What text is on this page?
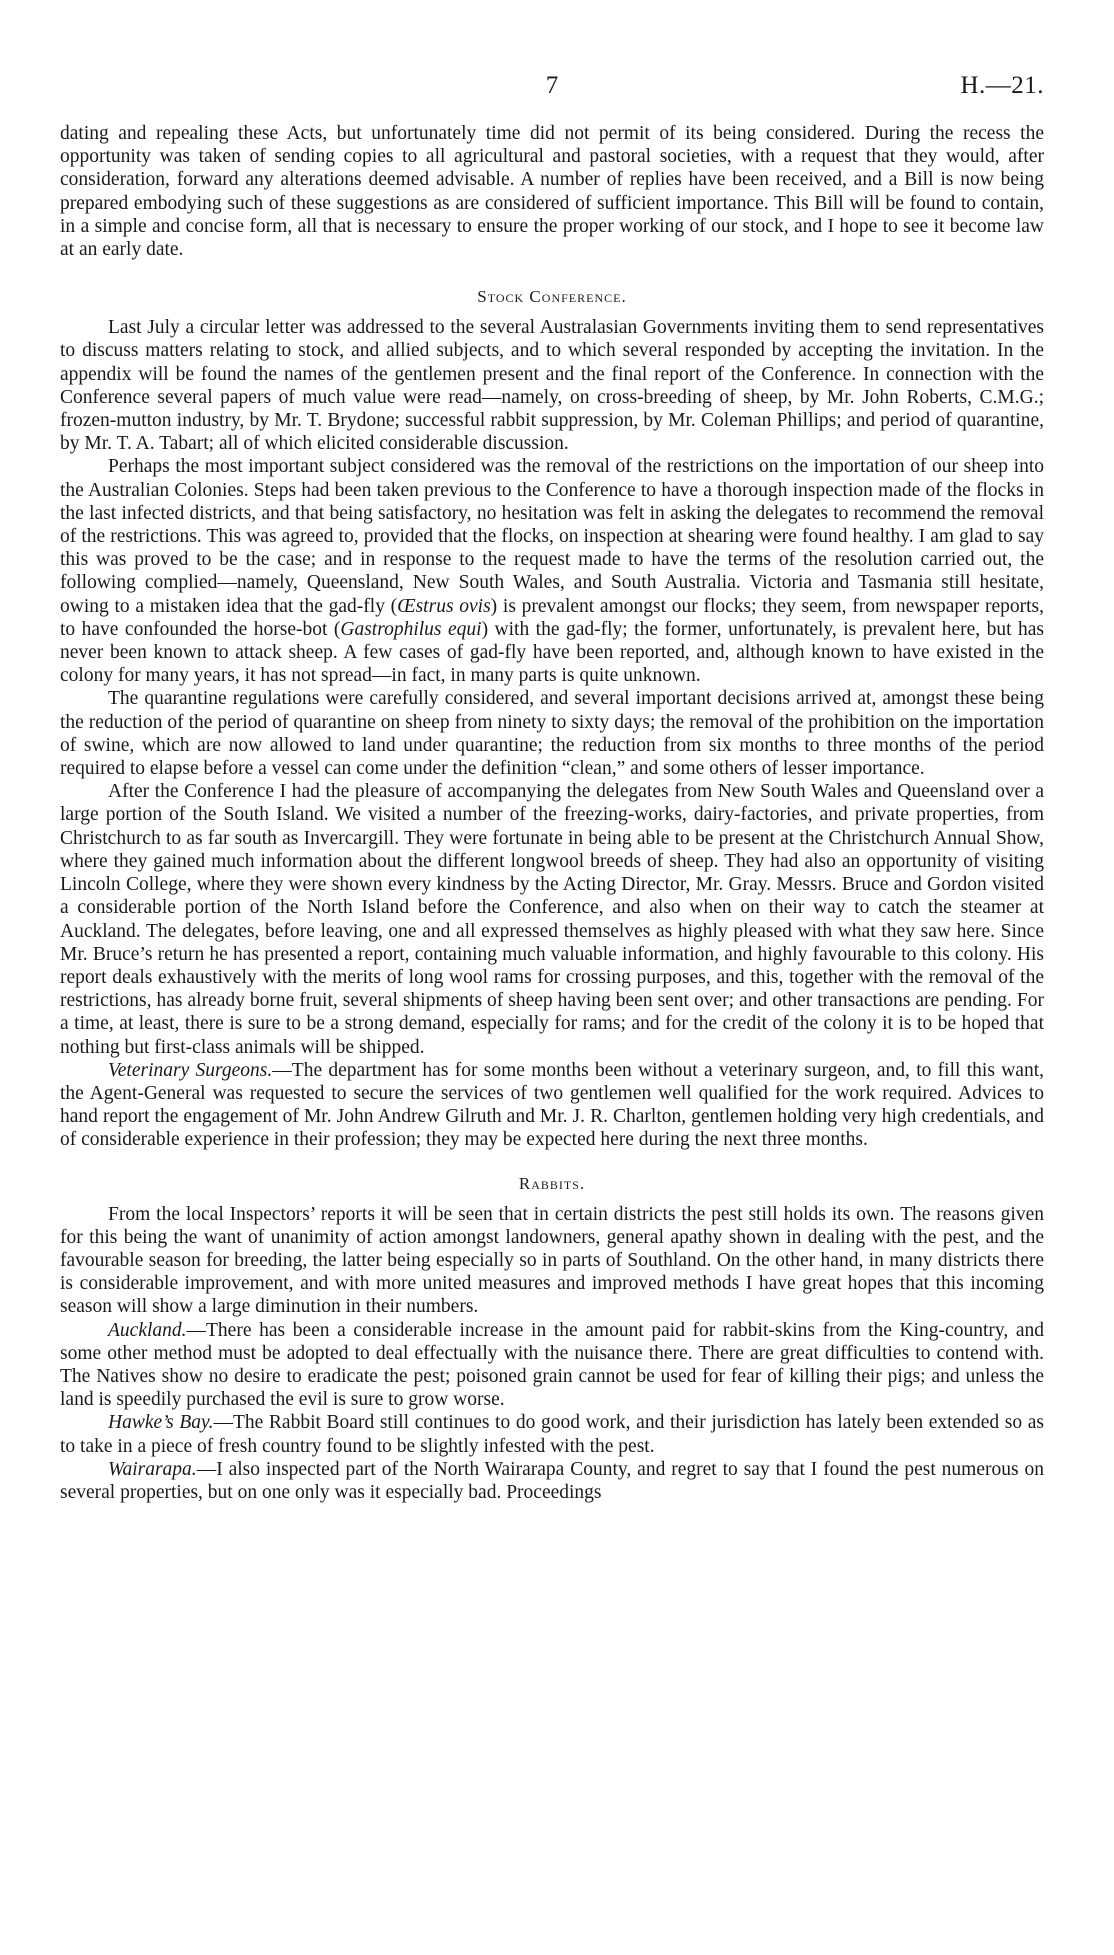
7	H.—21.

dating and repealing these Acts, but unfortunately time did not permit of its being considered. During the recess the opportunity was taken of sending copies to all agricultural and pastoral societies, with a request that they would, after consideration, forward any alterations deemed advisable. A number of replies have been received, and a Bill is now being prepared embodying such of these suggestions as are considered of sufficient importance. This Bill will be found to contain, in a simple and concise form, all that is necessary to ensure the proper working of our stock, and I hope to see it become law at an early date.

Stock Conference.

Last July a circular letter was addressed to the several Australasian Governments inviting them to send representatives to discuss matters relating to stock, and allied subjects, and to which several responded by accepting the invitation. In the appendix will be found the names of the gentlemen present and the final report of the Conference. In connection with the Conference several papers of much value were read—namely, on cross-breeding of sheep, by Mr. John Roberts, C.M.G.; frozen-mutton industry, by Mr. T. Brydone; successful rabbit suppression, by Mr. Coleman Phillips; and period of quarantine, by Mr. T. A. Tabart; all of which elicited considerable discussion.

Perhaps the most important subject considered was the removal of the restrictions on the importation of our sheep into the Australian Colonies. Steps had been taken previous to the Conference to have a thorough inspection made of the flocks in the last infected districts, and that being satisfactory, no hesitation was felt in asking the delegates to recommend the removal of the restrictions. This was agreed to, provided that the flocks, on inspection at shearing were found healthy. I am glad to say this was proved to be the case; and in response to the request made to have the terms of the resolution carried out, the following complied—namely, Queensland, New South Wales, and South Australia. Victoria and Tasmania still hesitate, owing to a mistaken idea that the gad-fly (Œstrus ovis) is prevalent amongst our flocks; they seem, from newspaper reports, to have confounded the horse-bot (Gastrophilus equi) with the gad-fly; the former, unfortunately, is prevalent here, but has never been known to attack sheep. A few cases of gad-fly have been reported, and, although known to have existed in the colony for many years, it has not spread—in fact, in many parts is quite unknown.

The quarantine regulations were carefully considered, and several important decisions arrived at, amongst these being the reduction of the period of quarantine on sheep from ninety to sixty days; the removal of the prohibition on the importation of swine, which are now allowed to land under quarantine; the reduction from six months to three months of the period required to elapse before a vessel can come under the definition “clean,” and some others of lesser importance.

After the Conference I had the pleasure of accompanying the delegates from New South Wales and Queensland over a large portion of the South Island. We visited a number of the freezing-works, dairy-factories, and private properties, from Christchurch to as far south as Invercargill. They were fortunate in being able to be present at the Christchurch Annual Show, where they gained much information about the different longwool breeds of sheep. They had also an opportunity of visiting Lincoln College, where they were shown every kindness by the Acting Director, Mr. Gray. Messrs. Bruce and Gordon visited a considerable portion of the North Island before the Conference, and also when on their way to catch the steamer at Auckland. The delegates, before leaving, one and all expressed themselves as highly pleased with what they saw here. Since Mr. Bruce’s return he has presented a report, containing much valuable information, and highly favourable to this colony. His report deals exhaustively with the merits of long wool rams for crossing purposes, and this, together with the removal of the restrictions, has already borne fruit, several shipments of sheep having been sent over; and other transactions are pending. For a time, at least, there is sure to be a strong demand, especially for rams; and for the credit of the colony it is to be hoped that nothing but first-class animals will be shipped.

Veterinary Surgeons.—The department has for some months been without a veterinary surgeon, and, to fill this want, the Agent-General was requested to secure the services of two gentlemen well qualified for the work required. Advices to hand report the engagement of Mr. John Andrew Gilruth and Mr. J. R. Charlton, gentlemen holding very high credentials, and of considerable experience in their profession; they may be expected here during the next three months.

Rabbits.

From the local Inspectors’ reports it will be seen that in certain districts the pest still holds its own. The reasons given for this being the want of unanimity of action amongst landowners, general apathy shown in dealing with the pest, and the favourable season for breeding, the latter being especially so in parts of Southland. On the other hand, in many districts there is considerable improvement, and with more united measures and improved methods I have great hopes that this incoming season will show a large diminution in their numbers.

Auckland.—There has been a considerable increase in the amount paid for rabbit-skins from the King-country, and some other method must be adopted to deal effectually with the nuisance there. There are great difficulties to contend with. The Natives show no desire to eradicate the pest; poisoned grain cannot be used for fear of killing their pigs; and unless the land is speedily purchased the evil is sure to grow worse.

Hawke’s Bay.—The Rabbit Board still continues to do good work, and their jurisdiction has lately been extended so as to take in a piece of fresh country found to be slightly infested with the pest.

Wairarapa.—I also inspected part of the North Wairarapa County, and regret to say that I found the pest numerous on several properties, but on one only was it especially bad. Proceedings
